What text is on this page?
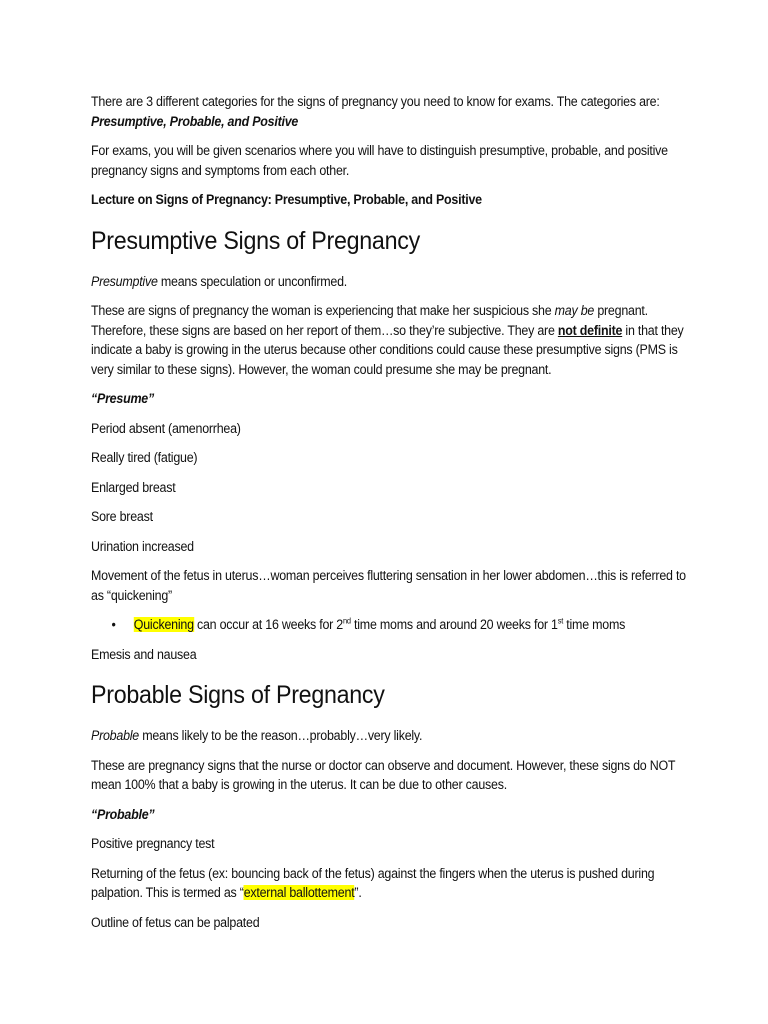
There are 3 different categories for the signs of pregnancy you need to know for exams. The categories are: Presumptive, Probable, and Positive

For exams, you will be given scenarios where you will have to distinguish presumptive, probable, and positive pregnancy signs and symptoms from each other.

Lecture on Signs of Pregnancy: Presumptive, Probable, and Positive

Presumptive Signs of Pregnancy

Presumptive means speculation or unconfirmed.

These are signs of pregnancy the woman is experiencing that make her suspicious she may be pregnant. Therefore, these signs are based on her report of them…so they’re subjective. They are not definite in that they indicate a baby is growing in the uterus because other conditions could cause these presumptive signs (PMS is very similar to these signs). However, the woman could presume she may be pregnant.

“Presume”

Period absent (amenorrhea)

Really tired (fatigue)

Enlarged breast

Sore breast

Urination increased

Movement of the fetus in uterus…woman perceives fluttering sensation in her lower abdomen…this is referred to as “quickening”

• Quickening can occur at 16 weeks for 2nd time moms and around 20 weeks for 1st time moms

Emesis and nausea

Probable Signs of Pregnancy

Probable means likely to be the reason…probably…very likely.

These are pregnancy signs that the nurse or doctor can observe and document. However, these signs do NOT mean 100% that a baby is growing in the uterus. It can be due to other causes.

“Probable”

Positive pregnancy test

Returning of the fetus (ex: bouncing back of the fetus) against the fingers when the uterus is pushed during palpation. This is termed as “external ballottement”.

Outline of fetus can be palpated
